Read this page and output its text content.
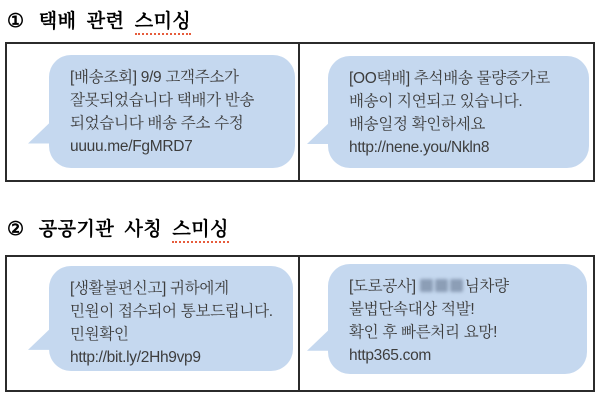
① 택배 관련 스미싱
[배송조회] 9/9 고객주소가
잘못되었습니다 택배가 반송
되었습니다 배송 주소 수정
uuuu.me/FgMRD7
[OO택배] 추석배송 물량증가로
배송이 지연되고 있습니다.
배송일정 확인하세요
http://nene.you/Nkln8
② 공공기관 사칭 스미싱
[생활불편신고] 귀하에게
민원이 접수되어 통보드립니다.
민원확인
http://bit.ly/2Hh9vp9
[도로공사]	님차량
불법단속대상 적발!
확인 후 빠른처리 요망!
http365.com
